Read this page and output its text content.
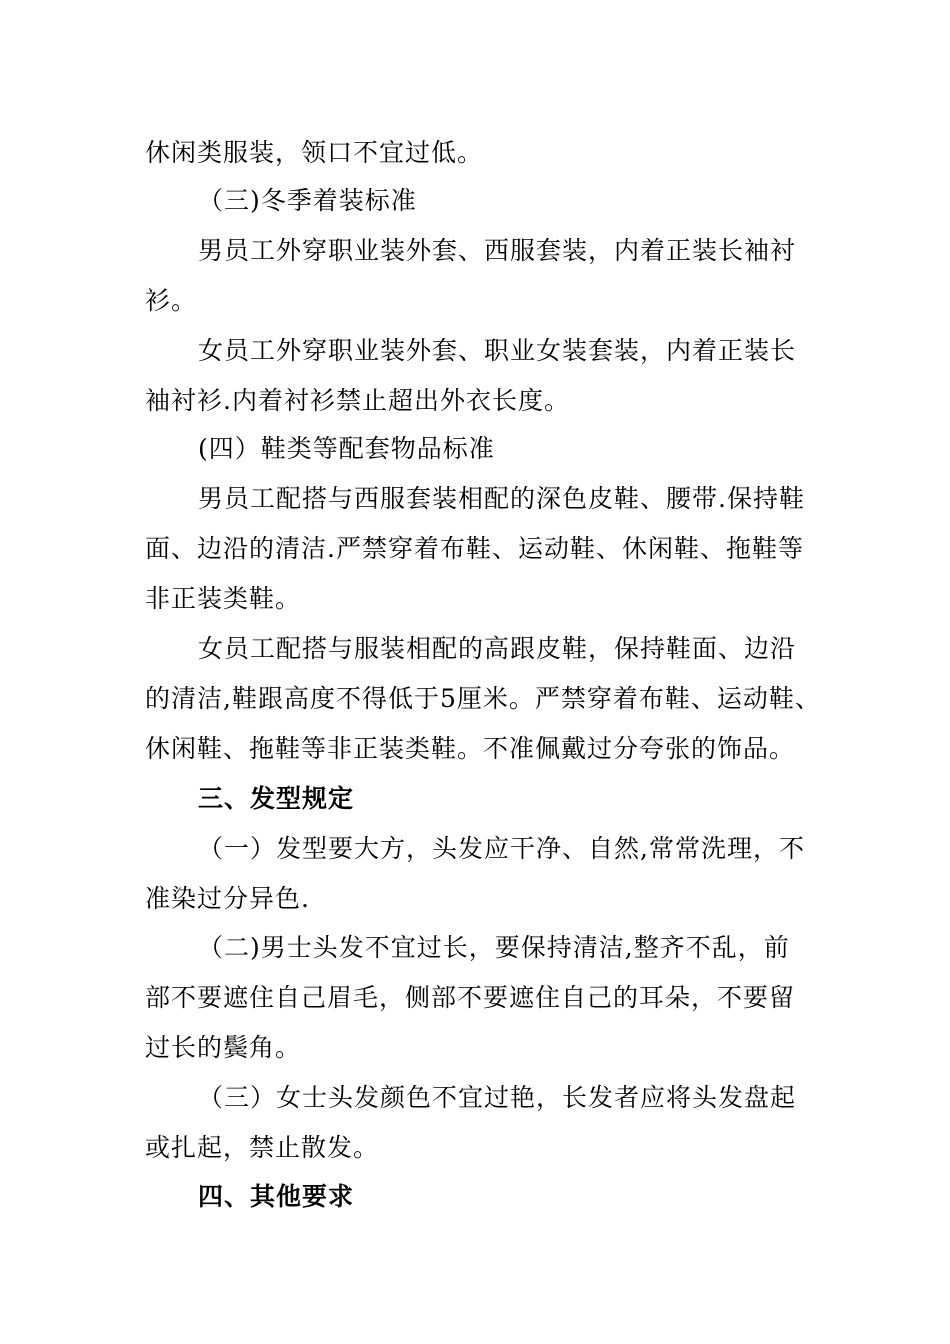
休闲类服装，领口不宜过低。
（三)冬季着装标准
男员工外穿职业装外套、西服套装，内着正装长袖衬
衫。
女员工外穿职业装外套、职业女装套装，内着正装长
袖衬衫.内着衬衫禁止超出外衣长度。
(四）鞋类等配套物品标准
男员工配搭与西服套装相配的深色皮鞋、腰带.保持鞋
面、边沿的清洁.严禁穿着布鞋、运动鞋、休闲鞋、拖鞋等
非正装类鞋。
女员工配搭与服装相配的高跟皮鞋，保持鞋面、边沿
的清洁,鞋跟高度不得低于5厘米。严禁穿着布鞋、运动鞋、
休闲鞋、拖鞋等非正装类鞋。不准佩戴过分夸张的饰品。
三、发型规定
（一）发型要大方，头发应干净、自然,常常洗理，不
准染过分异色.
（二)男士头发不宜过长，要保持清洁,整齐不乱，前
部不要遮住自己眉毛，侧部不要遮住自己的耳朵，不要留
过长的鬓角。
（三）女士头发颜色不宜过艳，长发者应将头发盘起
或扎起，禁止散发。
四、其他要求
